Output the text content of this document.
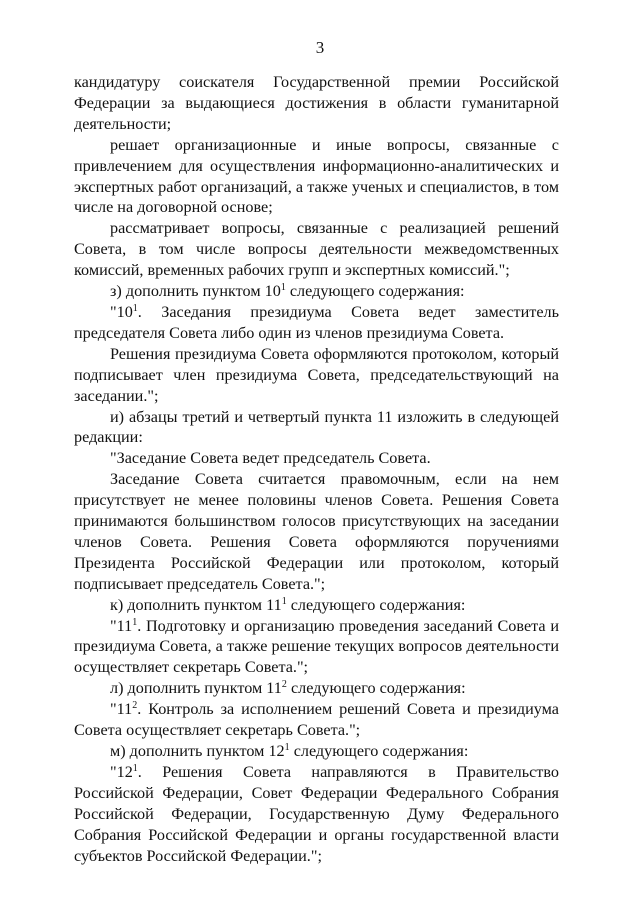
3

кандидатуру соискателя Государственной премии Российской Федерации за выдающиеся достижения в области гуманитарной деятельности;

решает организационные и иные вопросы, связанные с привлечением для осуществления информационно-аналитических и экспертных работ организаций, а также ученых и специалистов, в том числе на договорной основе;

рассматривает вопросы, связанные с реализацией решений Совета, в том числе вопросы деятельности межведомственных комиссий, временных рабочих групп и экспертных комиссий.";

з) дополнить пунктом $10^1$ следующего содержания:

"$10^1$. Заседания президиума Совета ведет заместитель председателя Совета либо один из членов президиума Совета.

Решения президиума Совета оформляются протоколом, который подписывает член президиума Совета, председательствующий на заседании.";

и) абзацы третий и четвертый пункта 11 изложить в следующей редакции:

"Заседание Совета ведет председатель Совета.

Заседание Совета считается правомочным, если на нем присутствует не менее половины членов Совета. Решения Совета принимаются большинством голосов присутствующих на заседании членов Совета. Решения Совета оформляются поручениями Президента Российской Федерации или протоколом, который подписывает председатель Совета.";

к) дополнить пунктом $11^1$ следующего содержания:

"$11^1$. Подготовку и организацию проведения заседаний Совета и президиума Совета, а также решение текущих вопросов деятельности осуществляет секретарь Совета.";

л) дополнить пунктом $11^2$ следующего содержания:

"$11^2$. Контроль за исполнением решений Совета и президиума Совета осуществляет секретарь Совета.";

м) дополнить пунктом $12^1$ следующего содержания:

"$12^1$. Решения Совета направляются в Правительство Российской Федерации, Совет Федерации Федерального Собрания Российской Федерации, Государственную Думу Федерального Собрания Российской Федерации и органы государственной власти субъектов Российской Федерации.";
